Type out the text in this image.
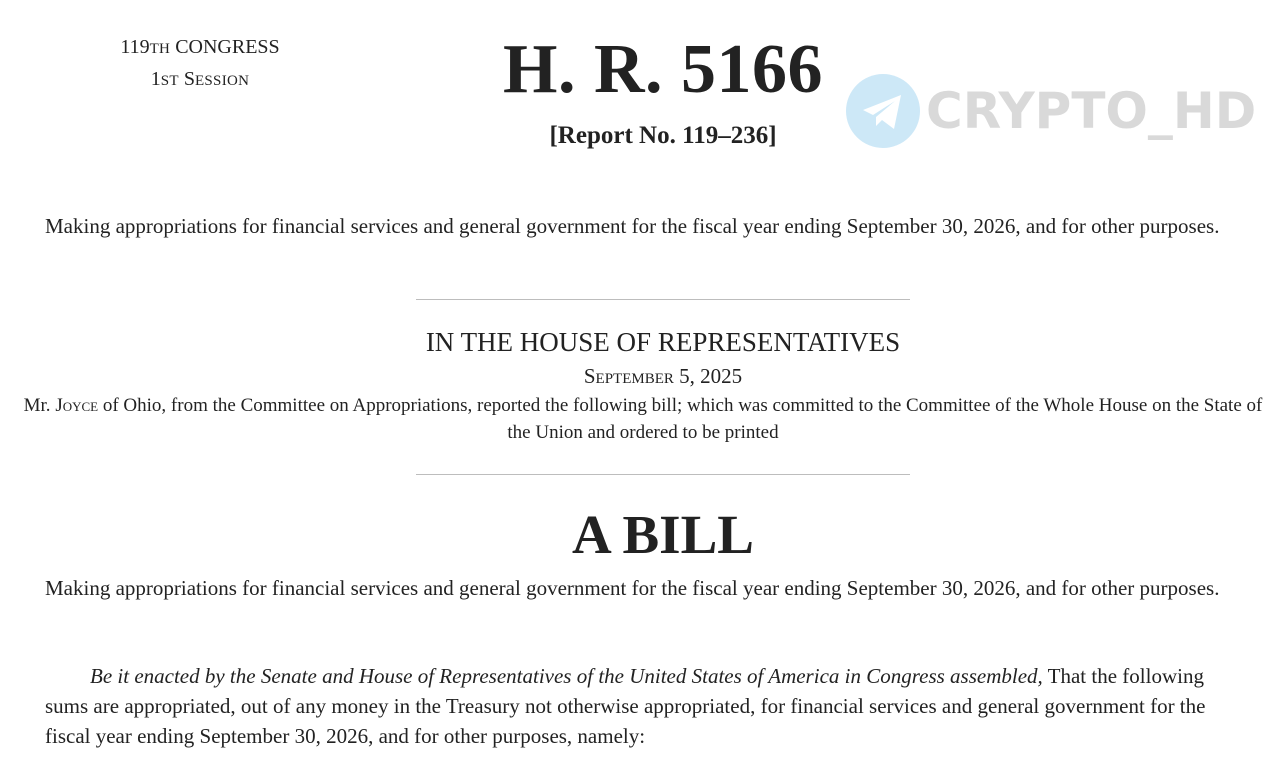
119TH CONGRESS
1ST SESSION	H. R. 5166
[Report No. 119–236]	CRYPTO_HD
Making appropriations for financial services and general government for the fiscal year ending September 30, 2026, and for other purposes.
IN THE HOUSE OF REPRESENTATIVES
September 5, 2025
Mr. Joyce of Ohio, from the Committee on Appropriations, reported the following bill; which was committed to the Committee of the Whole House on the State of the Union and ordered to be printed
A BILL
Making appropriations for financial services and general government for the fiscal year ending September 30, 2026, and for other purposes.
Be it enacted by the Senate and House of Representatives of the United States of America in Congress assembled, That the following sums are appropriated, out of any money in the Treasury not otherwise appropriated, for financial services and general government for the fiscal year ending September 30, 2026, and for other purposes, namely:
